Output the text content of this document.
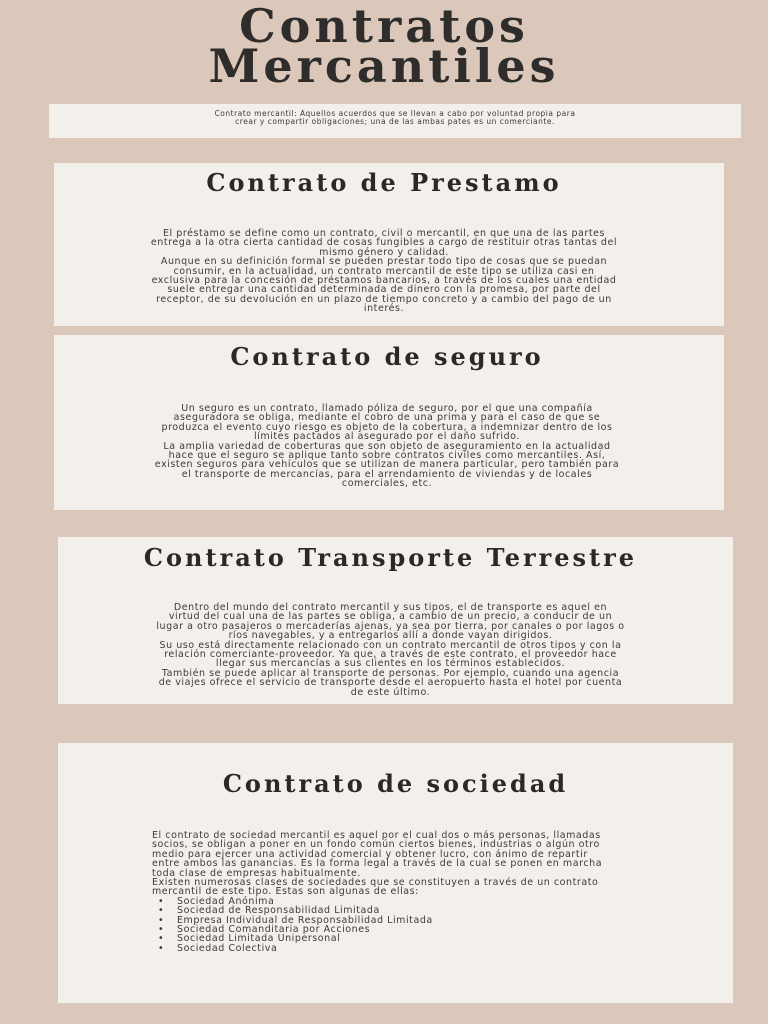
Contratos
Mercantiles
Contrato mercantil: Aquellos acuerdos que se llevan a cabo por voluntad propia para
crear y compartir obligaciones; una de las ambas pates es un comerciante.
Contrato de Prestamo
El préstamo se define como un contrato, civil o mercantil, en que una de las partes
entrega a la otra cierta cantidad de cosas fungibles a cargo de restituir otras tantas del
mismo género y calidad.
Aunque en su definición formal se pueden prestar todo tipo de cosas que se puedan
consumir, en la actualidad, un contrato mercantil de este tipo se utiliza casi en
exclusiva para la concesión de préstamos bancarios, a través de los cuales una entidad
suele entregar una cantidad determinada de dinero con la promesa, por parte del
receptor, de su devolución en un plazo de tiempo concreto y a cambio del pago de un
interés.
Contrato de seguro
Un seguro es un contrato, llamado póliza de seguro, por el que una compañía
aseguradora se obliga, mediante el cobro de una prima y para el caso de que se
produzca el evento cuyo riesgo es objeto de la cobertura, a indemnizar dentro de los
límites pactados al asegurado por el daño sufrido.
La amplia variedad de coberturas que son objeto de aseguramiento en la actualidad
hace que el seguro se aplique tanto sobre contratos civiles como mercantiles. Así,
existen seguros para vehículos que se utilizan de manera particular, pero también para
el transporte de mercancías, para el arrendamiento de viviendas y de locales
comerciales, etc.
Contrato Transporte Terrestre
Dentro del mundo del contrato mercantil y sus tipos, el de transporte es aquel en
virtud del cual una de las partes se obliga, a cambio de un precio, a conducir de un
lugar a otro pasajeros o mercaderías ajenas, ya sea por tierra, por canales o por lagos o
ríos navegables, y a entregarlos allí a donde vayan dirigidos.
Su uso está directamente relacionado con un contrato mercantil de otros tipos y con la
relación comerciante-proveedor. Ya que, a través de este contrato, el proveedor hace
llegar sus mercancías a sus clientes en los términos establecidos.
También se puede aplicar al transporte de personas. Por ejemplo, cuando una agencia
de viajes ofrece el servicio de transporte desde el aeropuerto hasta el hotel por cuenta
de este último.
Contrato de sociedad
El contrato de sociedad mercantil es aquel por el cual dos o más personas, llamadas
socios, se obligan a poner en un fondo común ciertos bienes, industrias o algún otro
medio para ejercer una actividad comercial y obtener lucro, con ánimo de repartir
entre ambos las ganancias. Es la forma legal a través de la cual se ponen en marcha
toda clase de empresas habitualmente.
Existen numerosas clases de sociedades que se constituyen a través de un contrato
mercantil de este tipo. Estas son algunas de ellas:
• Sociedad Anónima
• Sociedad de Responsabilidad Limitada
• Empresa Individual de Responsabilidad Limitada
• Sociedad Comanditaria por Acciones
• Sociedad Limitada Unipersonal
• Sociedad Colectiva
